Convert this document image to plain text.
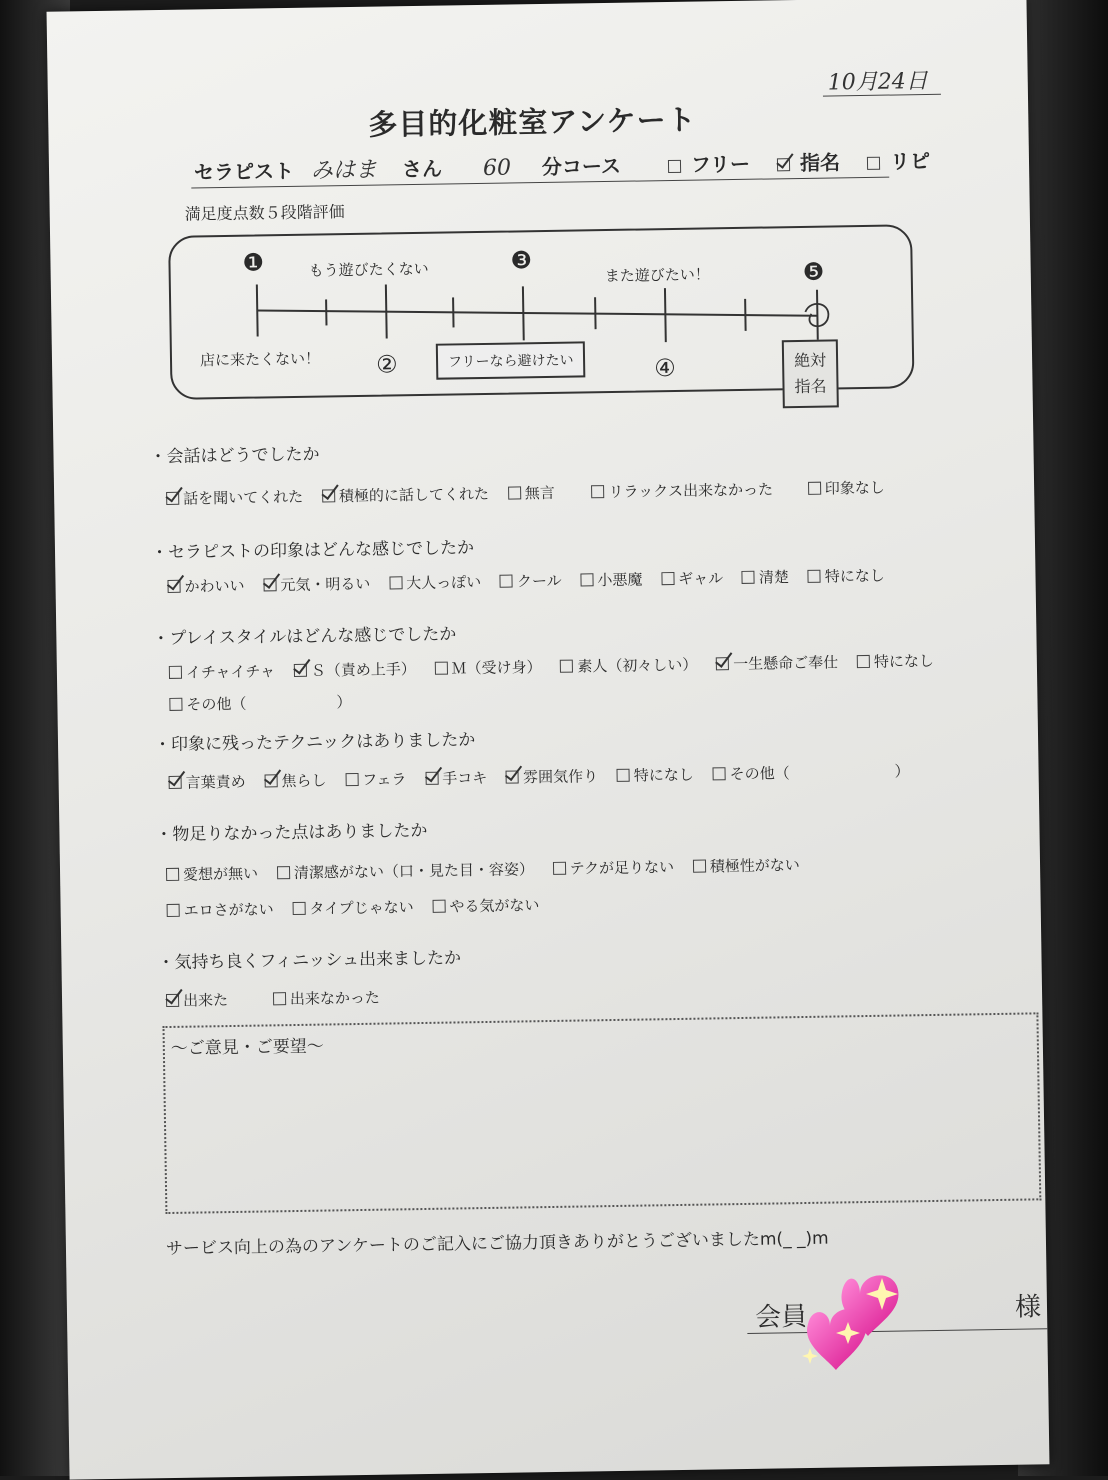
10月24日
多目的化粧室アンケート
セラピスト みはま さん 60 分コース	フリー 指名 リピ
満足度点数５段階評価
❶
②
❸
④
❺
もう遊びたくない	また遊びたい！
店に来たくない！	フリーなら避けたい	絶対
指名
・会話はどうでしたか
話を聞いてくれた 積極的に話してくれた 無言	リラックス出来なかった	印象なし
・セラピストの印象はどんな感じでしたか
かわいい 元気・明るい 大人っぽい クール 小悪魔 ギャル 清楚 特になし
・プレイスタイルはどんな感じでしたか
イチャイチャ Ｓ（責め上手） Ｍ（受け身） 素人（初々しい） 一生懸命ご奉仕 特になし
その他（　　　　　　）
・印象に残ったテクニックはありましたか
言葉責め 焦らし フェラ 手コキ 雰囲気作り 特になし その他（　　　　　　　）
・物足りなかった点はありましたか
愛想が無い 清潔感がない（口・見た目・容姿） テクが足りない 積極性がない
エロさがない タイプじゃない やる気がない
・気持ち良くフィニッシュ出来ましたか
出来た	出来なかった
～ご意見・ご要望～
サービス向上の為のアンケートのご記入にご協力頂きありがとうございましたm(_ _)m
会員	様
